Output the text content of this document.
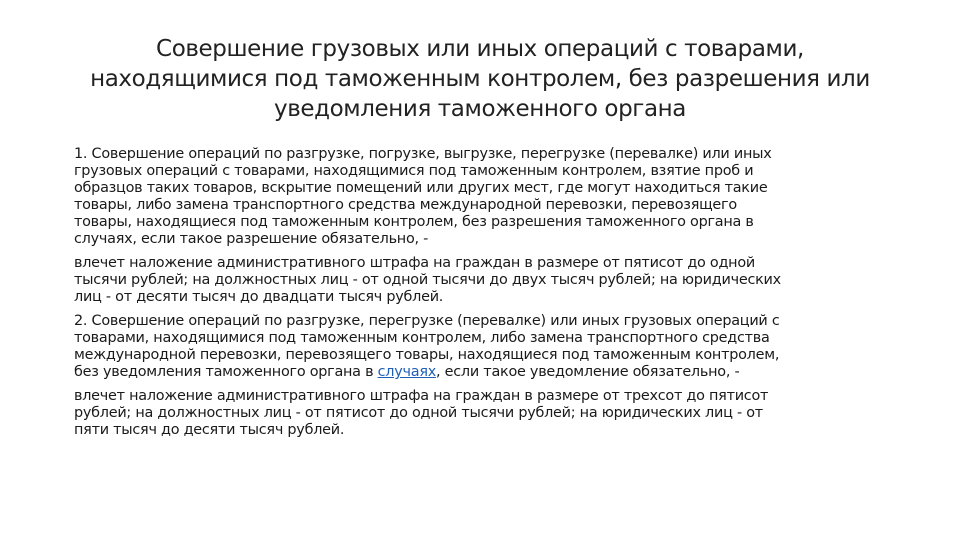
Совершение грузовых или иных операций с товарами,
находящимися под таможенным контролем, без разрешения или
уведомления таможенного органа

1. Совершение операций по разгрузке, погрузке, выгрузке, перегрузке (перевалке) или иных
грузовых операций с товарами, находящимися под таможенным контролем, взятие проб и
образцов таких товаров, вскрытие помещений или других мест, где могут находиться такие
товары, либо замена транспортного средства международной перевозки, перевозящего
товары, находящиеся под таможенным контролем, без разрешения таможенного органа в
случаях, если такое разрешение обязательно, -

влечет наложение административного штрафа на граждан в размере от пятисот до одной
тысячи рублей; на должностных лиц - от одной тысячи до двух тысяч рублей; на юридических
лиц - от десяти тысяч до двадцати тысяч рублей.

2. Совершение операций по разгрузке, перегрузке (перевалке) или иных грузовых операций с
товарами, находящимися под таможенным контролем, либо замена транспортного средства
международной перевозки, перевозящего товары, находящиеся под таможенным контролем,
без уведомления таможенного органа в случаях, если такое уведомление обязательно, -

влечет наложение административного штрафа на граждан в размере от трехсот до пятисот
рублей; на должностных лиц - от пятисот до одной тысячи рублей; на юридических лиц - от
пяти тысяч до десяти тысяч рублей.
